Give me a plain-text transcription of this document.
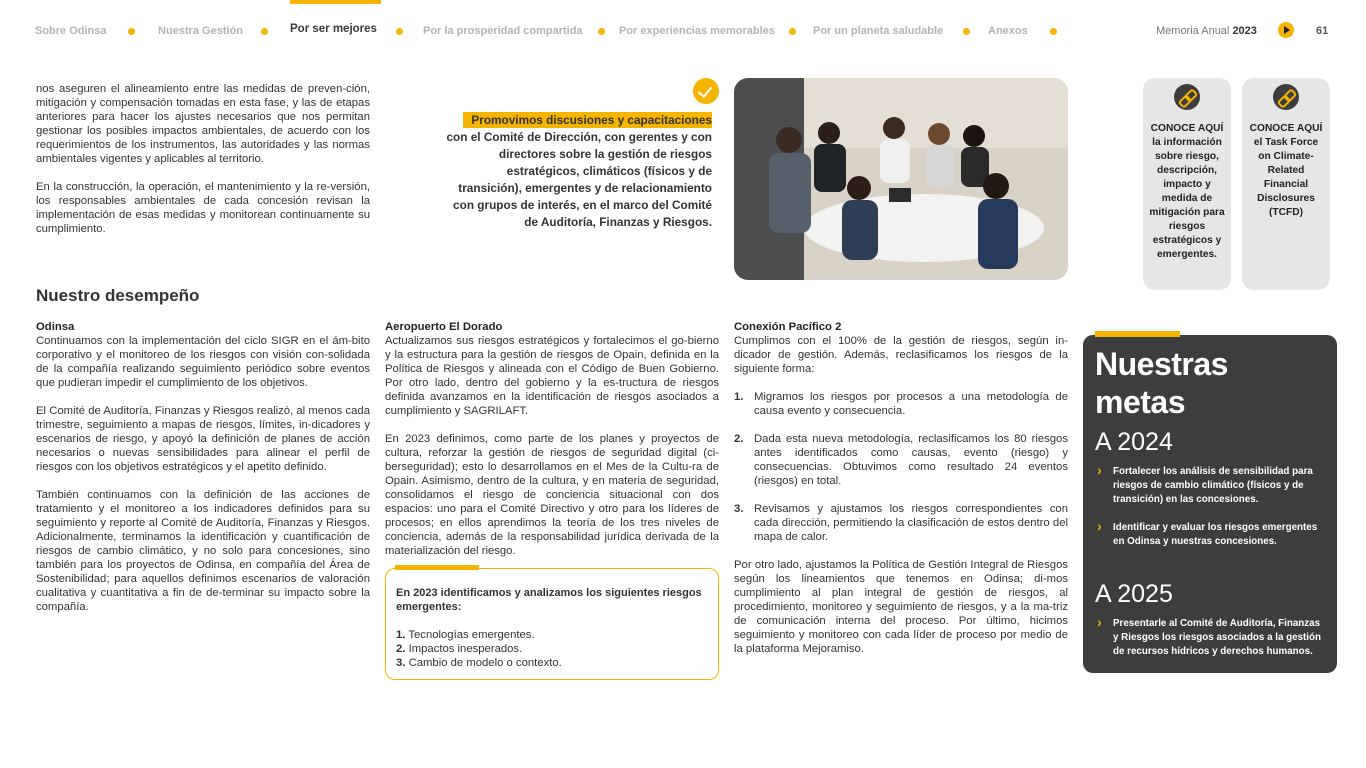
Sobre Odinsa	Nuestra Gestión	Por ser mejores	Por la prosperidad compartida	Por experiencias memorables	Por un planeta saludable	Anexos	Memoria Anual 2023	61

nos aseguren el alineamiento entre las medidas de preven-ción, mitigación y compensación tomadas en esta fase, y las de etapas anteriores para hacer los ajustes necesarios que nos permitan gestionar los posibles impactos ambientales, de acuerdo con los requerimientos de los instrumentos, las autoridades y las normas ambientales vigentes y aplicables al territorio.

En la construcción, la operación, el mantenimiento y la re-versión, los responsables ambientales de cada concesión revisan la implementación de esas medidas y monitorean continuamente su cumplimiento.

Promovimos discusiones y capacitaciones con el Comité de Dirección, con gerentes y con directores sobre la gestión de riesgos estratégicos, climáticos (físicos y de transición), emergentes y de relacionamiento con grupos de interés, en el marco del Comité de Auditoría, Finanzas y Riesgos.
CONOCE AQUÍ
la información sobre riesgo, descripción, impacto y medida de mitigación para riesgos estratégicos y emergentes.
CONOCE AQUÍ
el Task Force on Climate-Related Financial Disclosures (TCFD)
Nuestro desempeño

Odinsa
Continuamos con la implementación del ciclo SIGR en el ám-bito corporativo y el monitoreo de los riesgos con visión con-solidada de la compañía realizando seguimiento periódico sobre eventos que pudieran impedir el cumplimiento de los objetivos.

El Comité de Auditoría, Finanzas y Riesgos realizó, al menos cada trimestre, seguimiento a mapas de riesgos, límites, in-dicadores y escenarios de riesgo, y apoyó la definición de planes de acción necesarios o nuevas sensibilidades para alinear el perfil de riesgos con los objetivos estratégicos y el apetito definido.

También continuamos con la definición de las acciones de tratamiento y el monitoreo a los indicadores definidos para su seguimiento y reporte al Comité de Auditoría, Finanzas y Riesgos. Adicionalmente, terminamos la identificación y cuantificación de riesgos de cambio climático, y no solo para concesiones, sino también para los proyectos de Odinsa, en compañía del Área de Sostenibilidad; para aquellos definimos escenarios de valoración cualitativa y cuantitativa a fin de de-terminar su impacto sobre la compañía.

Aeropuerto El Dorado
Actualizamos sus riesgos estratégicos y fortalecimos el go-bierno y la estructura para la gestión de riesgos de Opain, definida en la Política de Riesgos y alineada con el Código de Buen Gobierno. Por otro lado, dentro del gobierno y la es-tructura de riesgos definida avanzamos en la identificación de riesgos asociados a cumplimiento y SAGRILAFT.

En 2023 definimos, como parte de los planes y proyectos de cultura, reforzar la gestión de riesgos de seguridad digital (ci-berseguridad); esto lo desarrollamos en el Mes de la Cultu-ra de Opain. Asimismo, dentro de la cultura, y en materia de seguridad, consolidamos el riesgo de conciencia situacional con dos espacios: uno para el Comité Directivo y otro para los líderes de procesos; en ellos aprendimos la teoría de los tres niveles de conciencia, además de la responsabilidad jurídica derivada de la materialización del riesgo.

En 2023 identificamos y analizamos los siguientes riesgos emergentes:
1. Tecnologías emergentes.
2. Impactos inesperados.
3. Cambio de modelo o contexto.

Conexión Pacífico 2
Cumplimos con el 100% de la gestión de riesgos, según in-dicador de gestión. Además, reclasificamos los riesgos de la siguiente forma:

1. Migramos los riesgos por procesos a una metodología de causa evento y consecuencia.
2. Dada esta nueva metodología, reclasificamos los 80 riesgos antes identificados como causas, evento (riesgo) y consecuencias. Obtuvimos como resultado 24 eventos (riesgos) en total.
3. Revisamos y ajustamos los riesgos correspondientes con cada dirección, permitiendo la clasificación de estos dentro del mapa de calor.

Por otro lado, ajustamos la Política de Gestión Integral de Riesgos según los lineamientos que tenemos en Odinsa; di-mos cumplimiento al plan integral de gestión de riesgos, al procedimiento, monitoreo y seguimiento de riesgos, y a la ma-triz de comunicación interna del proceso. Por último, hicimos seguimiento y monitoreo con cada líder de proceso por medio de la plataforma Mejoramiso.

Nuestras metas
A 2024
› Fortalecer los análisis de sensibilidad para riesgos de cambio climático (físicos y de transición) en las concesiones.
› Identificar y evaluar los riesgos emergentes en Odinsa y nuestras concesiones.
A 2025
› Presentarle al Comité de Auditoría, Finanzas y Riesgos los riesgos asociados a la gestión de recursos hídricos y derechos humanos.
